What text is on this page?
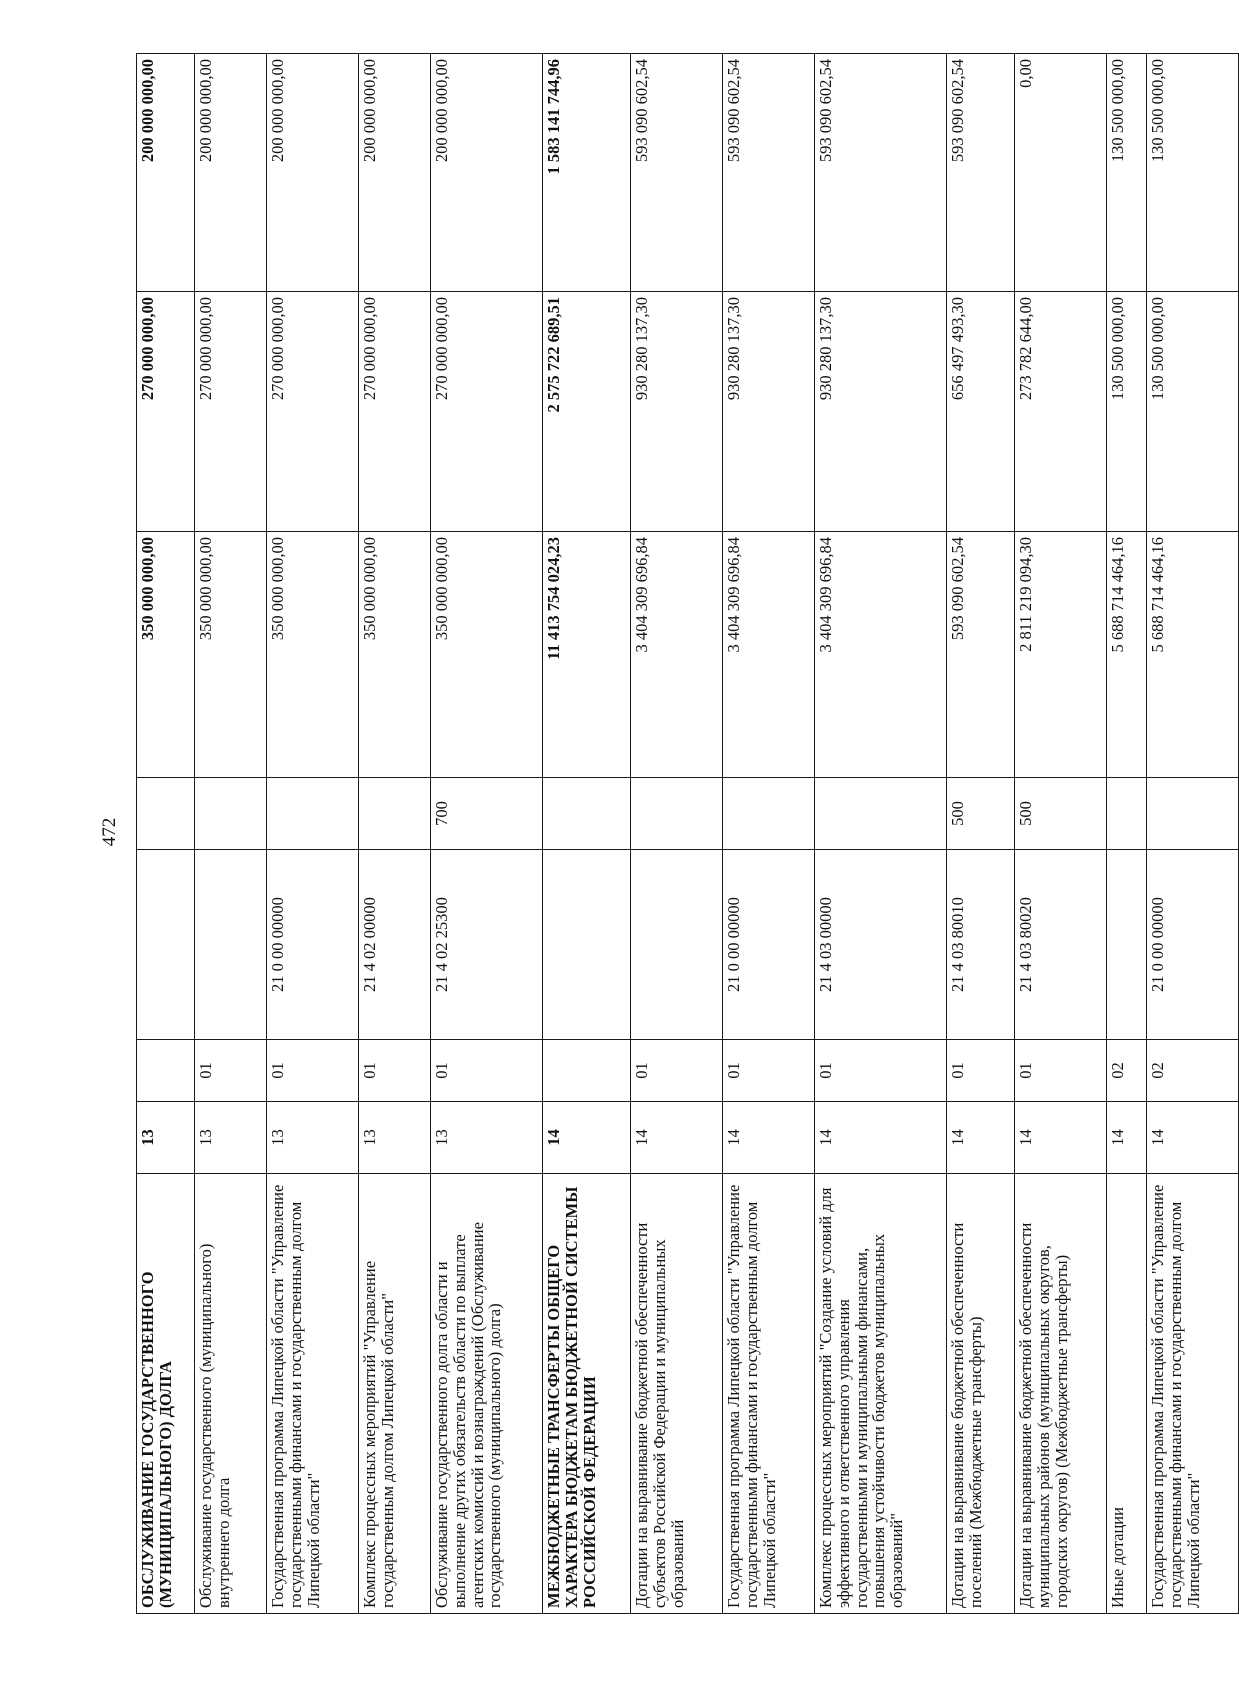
472
ОБСЛУЖИВАНИЕ ГОСУДАРСТВЕННОГО (МУНИЦИПАЛЬНОГО) ДОЛГА	13				350 000 000,00	270 000 000,00	200 000 000,00
Обслуживание государственного (муниципального) внутреннего долга	13	01			350 000 000,00	270 000 000,00	200 000 000,00
Государственная программа Липецкой области "Управление государственными финансами и государственным долгом Липецкой области"	13	01	21 0 00 00000		350 000 000,00	270 000 000,00	200 000 000,00
Комплекс процессных мероприятий "Управление государственным долгом Липецкой области"	13	01	21 4 02 00000		350 000 000,00	270 000 000,00	200 000 000,00
Обслуживание государственного долга области и выполнение других обязательств области по выплате агентских комиссий и вознаграждений (Обслуживание государственного (муниципального) долга)	13	01	21 4 02 25300	700	350 000 000,00	270 000 000,00	200 000 000,00
МЕЖБЮДЖЕТНЫЕ ТРАНСФЕРТЫ ОБЩЕГО ХАРАКТЕРА БЮДЖЕТАМ БЮДЖЕТНОЙ СИСТЕМЫ РОССИЙСКОЙ ФЕДЕРАЦИИ	14				11 413 754 024,23	2 575 722 689,51	1 583 141 744,96
Дотации на выравнивание бюджетной обеспеченности субъектов Российской Федерации и муниципальных образований	14	01			3 404 309 696,84	930 280 137,30	593 090 602,54
Государственная программа Липецкой области "Управление государственными финансами и государственным долгом Липецкой области"	14	01	21 0 00 00000		3 404 309 696,84	930 280 137,30	593 090 602,54
Комплекс процессных мероприятий "Создание условий для эффективного и ответственного управления государственными и муниципальными финансами, повышения устойчивости бюджетов муниципальных образований"	14	01	21 4 03 00000		3 404 309 696,84	930 280 137,30	593 090 602,54
Дотации на выравнивание бюджетной обеспеченности поселений (Межбюджетные трансферты)	14	01	21 4 03 80010	500	593 090 602,54	656 497 493,30	593 090 602,54
Дотации на выравнивание бюджетной обеспеченности муниципальных районов (муниципальных округов, городских округов) (Межбюджетные трансферты)	14	01	21 4 03 80020	500	2 811 219 094,30	273 782 644,00	0,00
Иные дотации	14	02			5 688 714 464,16	130 500 000,00	130 500 000,00
Государственная программа Липецкой области "Управление государственными финансами и государственным долгом Липецкой области"	14	02	21 0 00 00000		5 688 714 464,16	130 500 000,00	130 500 000,00
